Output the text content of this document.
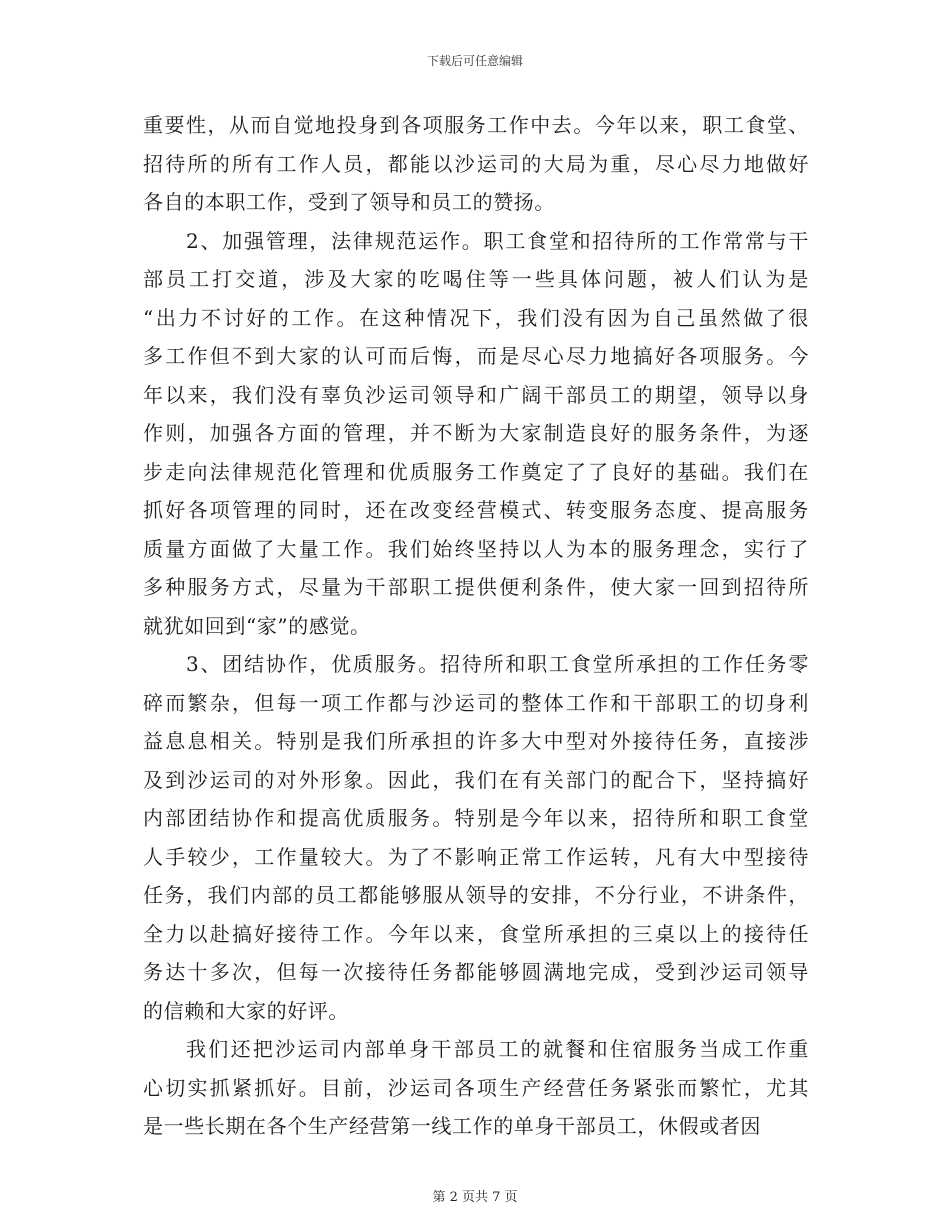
下载后可任意编辑
重要性，从而自觉地投身到各项服务工作中去。今年以来，职工食堂、
招待所的所有工作人员，都能以沙运司的大局为重，尽心尽力地做好
各自的本职工作，受到了领导和员工的赞扬。
2、加强管理，法律规范运作。职工食堂和招待所的工作常常与干
部员工打交道，涉及大家的吃喝住等一些具体问题，被人们认为是
“出力不讨好的工作。在这种情况下，我们没有因为自己虽然做了很
多工作但不到大家的认可而后悔，而是尽心尽力地搞好各项服务。今
年以来，我们没有辜负沙运司领导和广阔干部员工的期望，领导以身
作则，加强各方面的管理，并不断为大家制造良好的服务条件，为逐
步走向法律规范化管理和优质服务工作奠定了了良好的基础。我们在
抓好各项管理的同时，还在改变经营模式、转变服务态度、提高服务
质量方面做了大量工作。我们始终坚持以人为本的服务理念，实行了
多种服务方式，尽量为干部职工提供便利条件，使大家一回到招待所
就犹如回到“家”的感觉。
3、团结协作，优质服务。招待所和职工食堂所承担的工作任务零
碎而繁杂，但每一项工作都与沙运司的整体工作和干部职工的切身利
益息息相关。特别是我们所承担的许多大中型对外接待任务，直接涉
及到沙运司的对外形象。因此，我们在有关部门的配合下，坚持搞好
内部团结协作和提高优质服务。特别是今年以来，招待所和职工食堂
人手较少，工作量较大。为了不影响正常工作运转，凡有大中型接待
任务，我们内部的员工都能够服从领导的安排，不分行业，不讲条件，
全力以赴搞好接待工作。今年以来，食堂所承担的三桌以上的接待任
务达十多次，但每一次接待任务都能够圆满地完成，受到沙运司领导
的信赖和大家的好评。
我们还把沙运司内部单身干部员工的就餐和住宿服务当成工作重
心切实抓紧抓好。目前，沙运司各项生产经营任务紧张而繁忙，尤其
是一些长期在各个生产经营第一线工作的单身干部员工，休假或者因
第 2 页共 7 页
